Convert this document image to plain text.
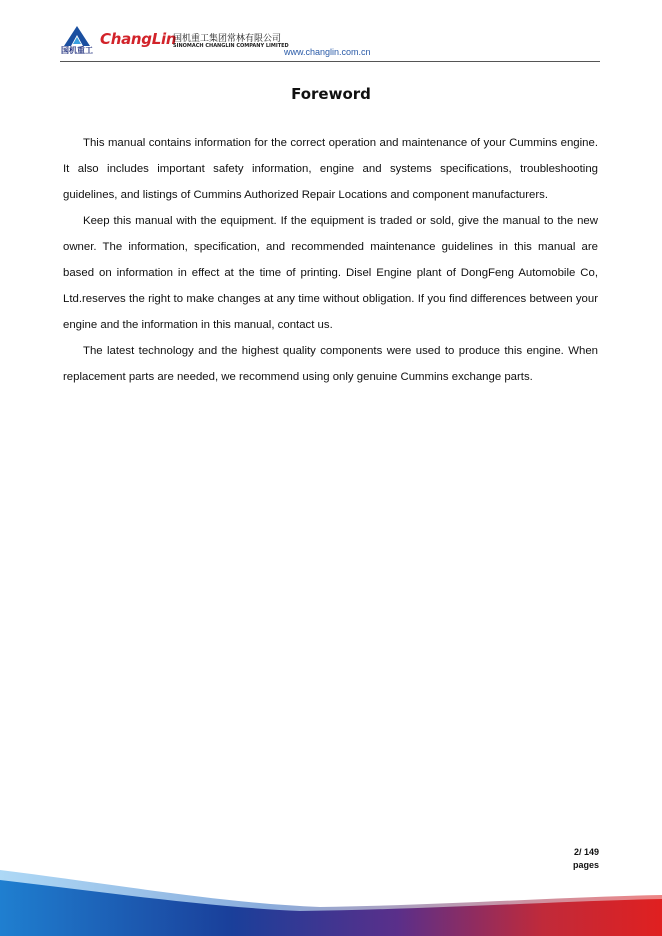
国机重工
ChangLin
国机重工集团常林有限公司
SINOMACH CHANGLIN COMPANY LIMITED
www.changlin.com.cn
Foreword

This manual contains information for the correct operation and maintenance of your Cummins engine. It also includes important safety information, engine and systems specifications, troubleshooting guidelines, and listings of Cummins Authorized Repair Locations and component manufacturers.

Keep this manual with the equipment. If the equipment is traded or sold, give the manual to the new owner. The information, specification, and recommended maintenance guidelines in this manual are based on information in effect at the time of printing. Disel Engine plant of DongFeng Automobile Co, Ltd.reserves the right to make changes at any time without obligation. If you find differences between your engine and the information in this manual, contact us.

The latest technology and the highest quality components were used to produce this engine. When replacement parts are needed, we recommend using only genuine Cummins exchange parts.

2/ 149
pages
